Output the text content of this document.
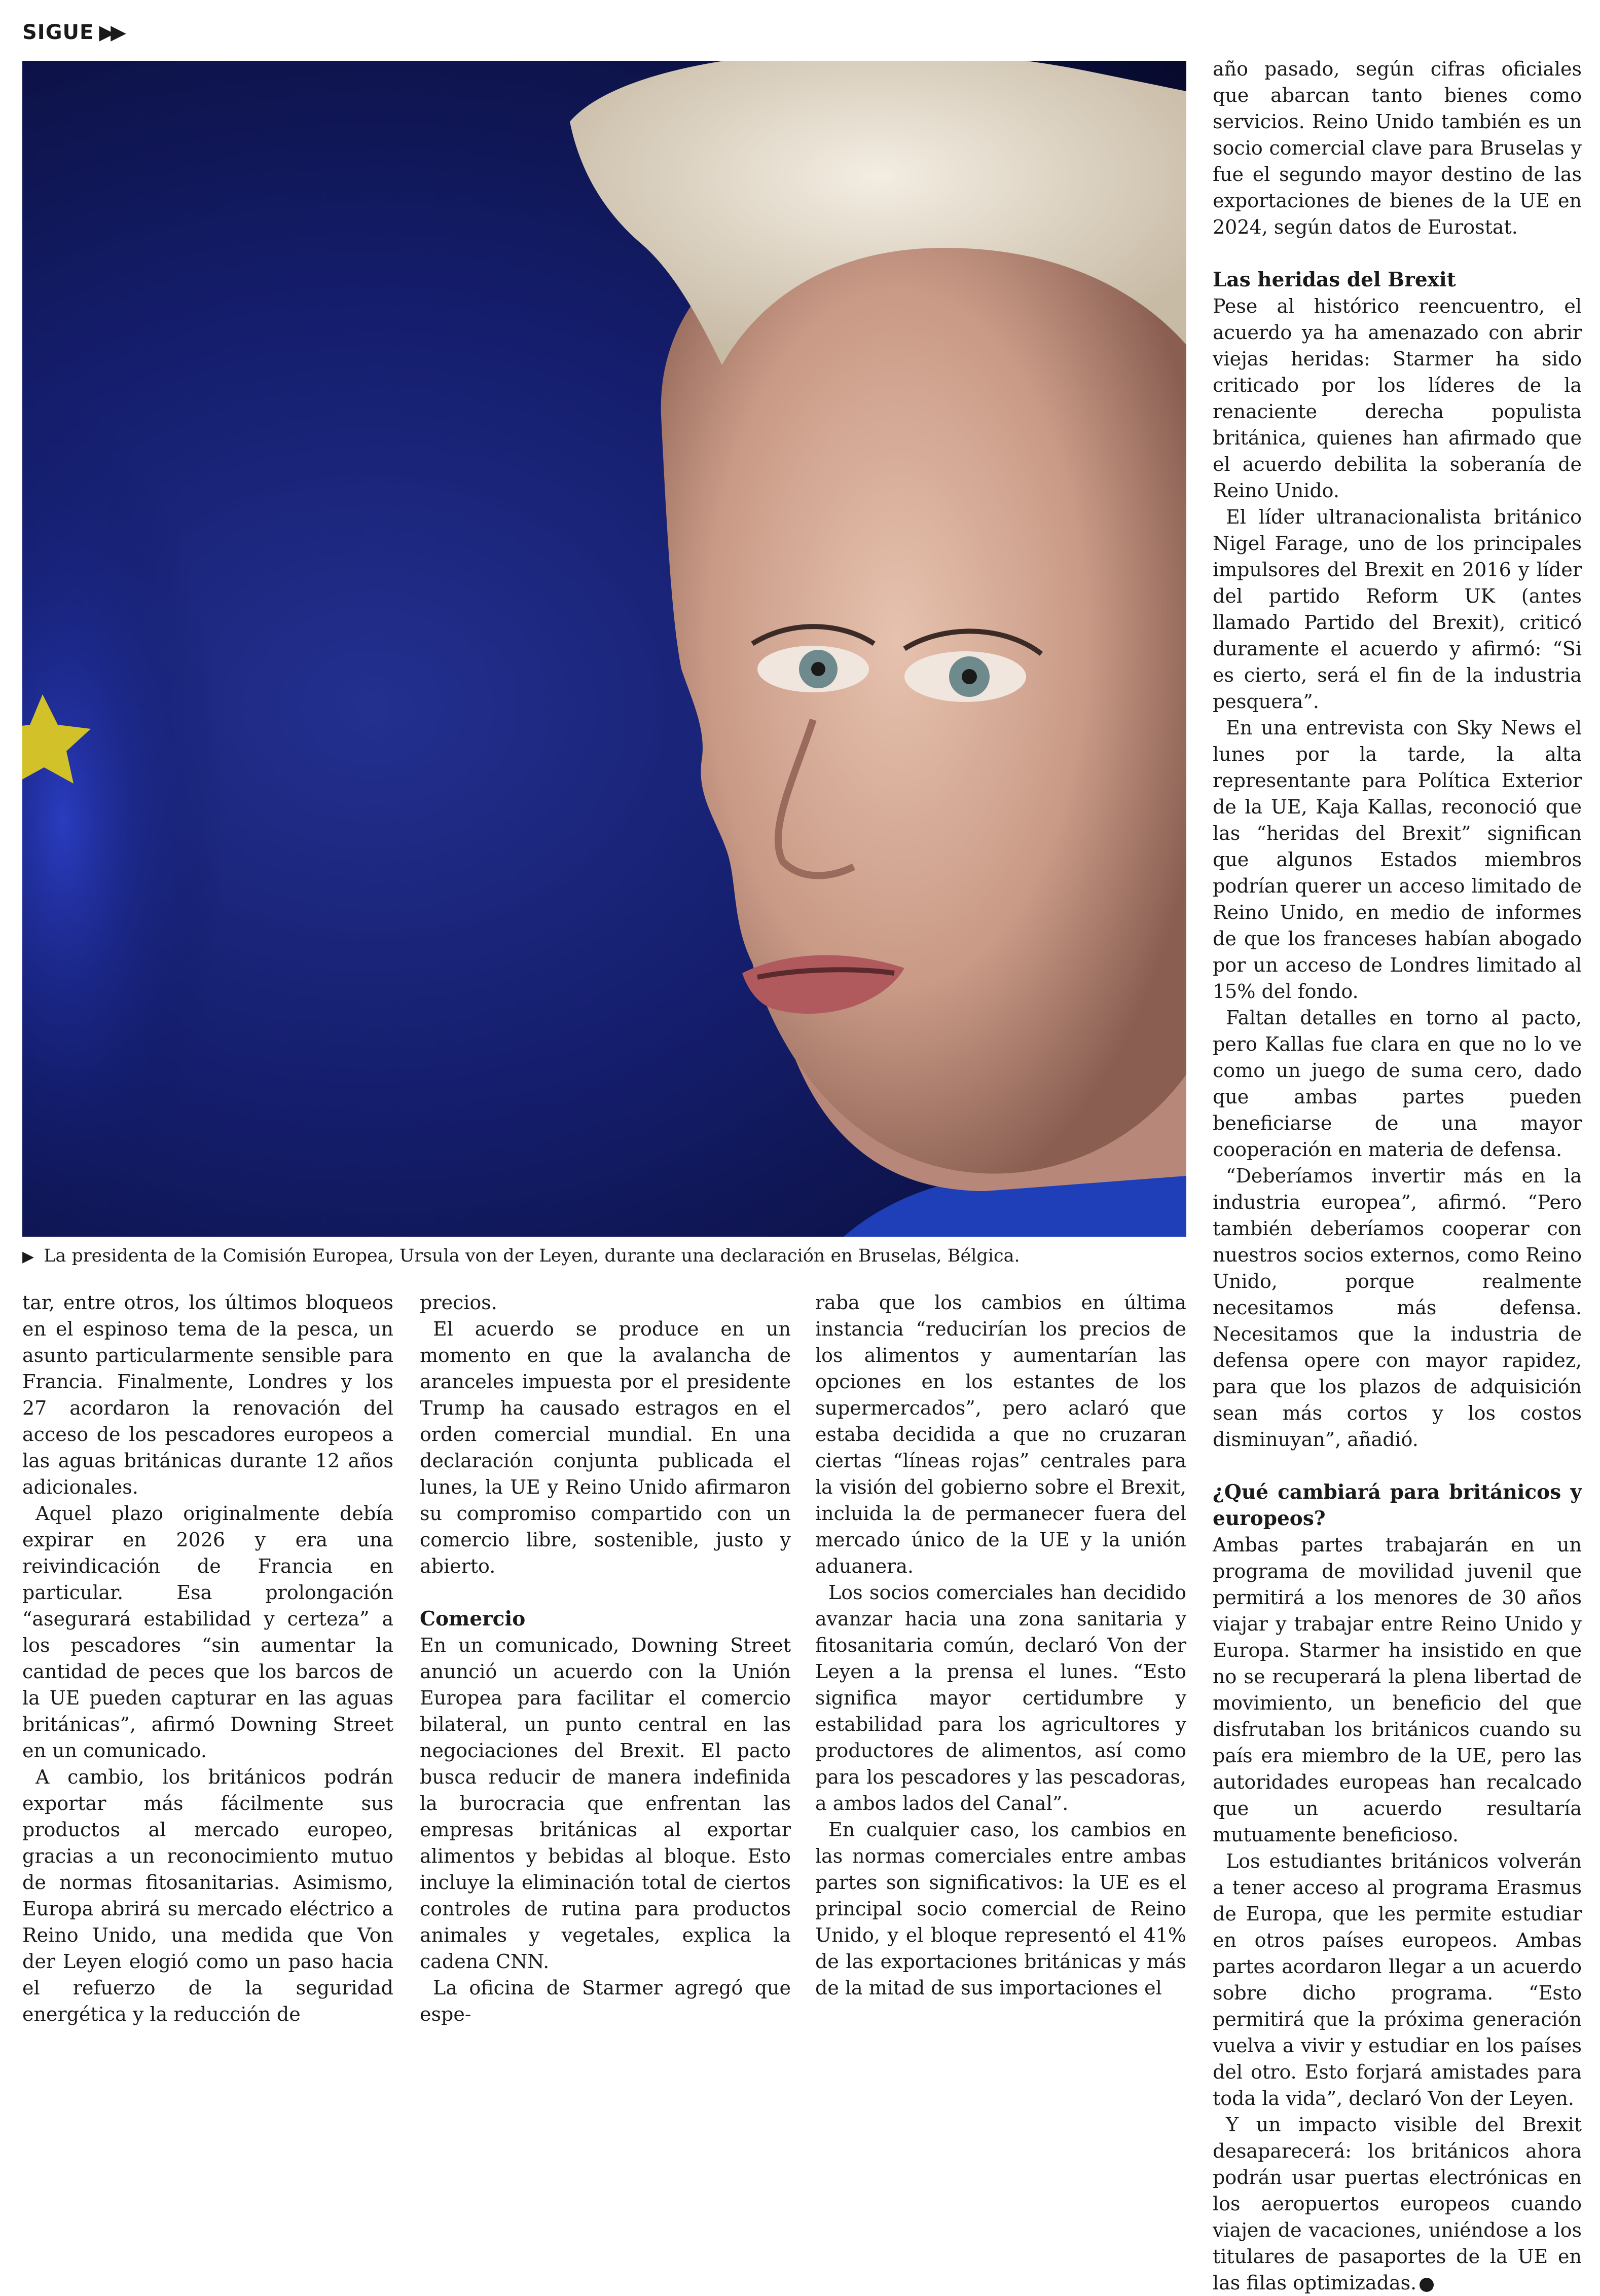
SIGUE ▶▶
▶ La presidenta de la Comisión Europea, Ursula von der Leyen, durante una declaración en Bruselas, Bélgica.

tar, entre otros, los últimos bloqueos en el espinoso tema de la pesca, un asunto particularmente sensible para Francia. Finalmente, Londres y los 27 acordaron la renovación del acceso de los pescadores europeos a las aguas británicas durante 12 años adicionales.

Aquel plazo originalmente debía expirar en 2026 y era una reivindicación de Francia en particular. Esa prolongación “asegurará estabilidad y certeza” a los pescadores “sin aumentar la cantidad de peces que los barcos de la UE pueden capturar en las aguas británicas”, afirmó Downing Street en un comunicado.

A cambio, los británicos podrán exportar más fácilmente sus productos al mercado europeo, gracias a un reconocimiento mutuo de normas fitosanitarias. Asimismo, Europa abrirá su mercado eléctrico a Reino Unido, una medida que Von der Leyen elogió como un paso hacia el refuerzo de la seguridad energética y la reducción de

precios.

El acuerdo se produce en un momento en que la avalancha de aranceles impuesta por el presidente Trump ha causado estragos en el orden comercial mundial. En una declaración conjunta publicada el lunes, la UE y Reino Unido afirmaron su compromiso compartido con un comercio libre, sostenible, justo y abierto.

Comercio

En un comunicado, Downing Street anunció un acuerdo con la Unión Europea para facilitar el comercio bilateral, un punto central en las negociaciones del Brexit. El pacto busca reducir de manera indefinida la burocracia que enfrentan las empresas británicas al exportar alimentos y bebidas al bloque. Esto incluye la eliminación total de ciertos controles de rutina para productos animales y vegetales, explica la cadena CNN.

La oficina de Starmer agregó que espe-

raba que los cambios en última instancia “reducirían los precios de los alimentos y aumentarían las opciones en los estantes de los supermercados”, pero aclaró que estaba decidida a que no cruzaran ciertas “líneas rojas” centrales para la visión del gobierno sobre el Brexit, incluida la de permanecer fuera del mercado único de la UE y la unión aduanera.

Los socios comerciales han decidido avanzar hacia una zona sanitaria y fitosanitaria común, declaró Von der Leyen a la prensa el lunes. “Esto significa mayor certidumbre y estabilidad para los agricultores y productores de alimentos, así como para los pescadores y las pescadoras, a ambos lados del Canal”.

En cualquier caso, los cambios en las normas comerciales entre ambas partes son significativos: la UE es el principal socio comercial de Reino Unido, y el bloque representó el 41% de las exportaciones británicas y más de la mitad de sus importaciones el

año pasado, según cifras oficiales que abarcan tanto bienes como servicios. Reino Unido también es un socio comercial clave para Bruselas y fue el segundo mayor destino de las exportaciones de bienes de la UE en 2024, según datos de Eurostat.

Las heridas del Brexit

Pese al histórico reencuentro, el acuerdo ya ha amenazado con abrir viejas heridas: Starmer ha sido criticado por los líderes de la renaciente derecha populista británica, quienes han afirmado que el acuerdo debilita la soberanía de Reino Unido.

El líder ultranacionalista británico Nigel Farage, uno de los principales impulsores del Brexit en 2016 y líder del partido Reform UK (antes llamado Partido del Brexit), criticó duramente el acuerdo y afirmó: “Si es cierto, será el fin de la industria pesquera”.

En una entrevista con Sky News el lunes por la tarde, la alta representante para Política Exterior de la UE, Kaja Kallas, reconoció que las “heridas del Brexit” significan que algunos Estados miembros podrían querer un acceso limitado de Reino Unido, en medio de informes de que los franceses habían abogado por un acceso de Londres limitado al 15% del fondo.

Faltan detalles en torno al pacto, pero Kallas fue clara en que no lo ve como un juego de suma cero, dado que ambas partes pueden beneficiarse de una mayor cooperación en materia de defensa.

“Deberíamos invertir más en la industria europea”, afirmó. “Pero también deberíamos cooperar con nuestros socios externos, como Reino Unido, porque realmente necesitamos más defensa. Necesitamos que la industria de defensa opere con mayor rapidez, para que los plazos de adquisición sean más cortos y los costos disminuyan”, añadió.

¿Qué cambiará para británicos y europeos?

Ambas partes trabajarán en un programa de movilidad juvenil que permitirá a los menores de 30 años viajar y trabajar entre Reino Unido y Europa. Starmer ha insistido en que no se recuperará la plena libertad de movimiento, un beneficio del que disfrutaban los británicos cuando su país era miembro de la UE, pero las autoridades europeas han recalcado que un acuerdo resultaría mutuamente beneficioso.

Los estudiantes británicos volverán a tener acceso al programa Erasmus de Europa, que les permite estudiar en otros países europeos. Ambas partes acordaron llegar a un acuerdo sobre dicho programa. “Esto permitirá que la próxima generación vuelva a vivir y estudiar en los países del otro. Esto forjará amistades para toda la vida”, declaró Von der Leyen.

Y un impacto visible del Brexit desaparecerá: los británicos ahora podrán usar puertas electrónicas en los aeropuertos europeos cuando viajen de vacaciones, uniéndose a los titulares de pasaportes de la UE en las filas optimizadas.
